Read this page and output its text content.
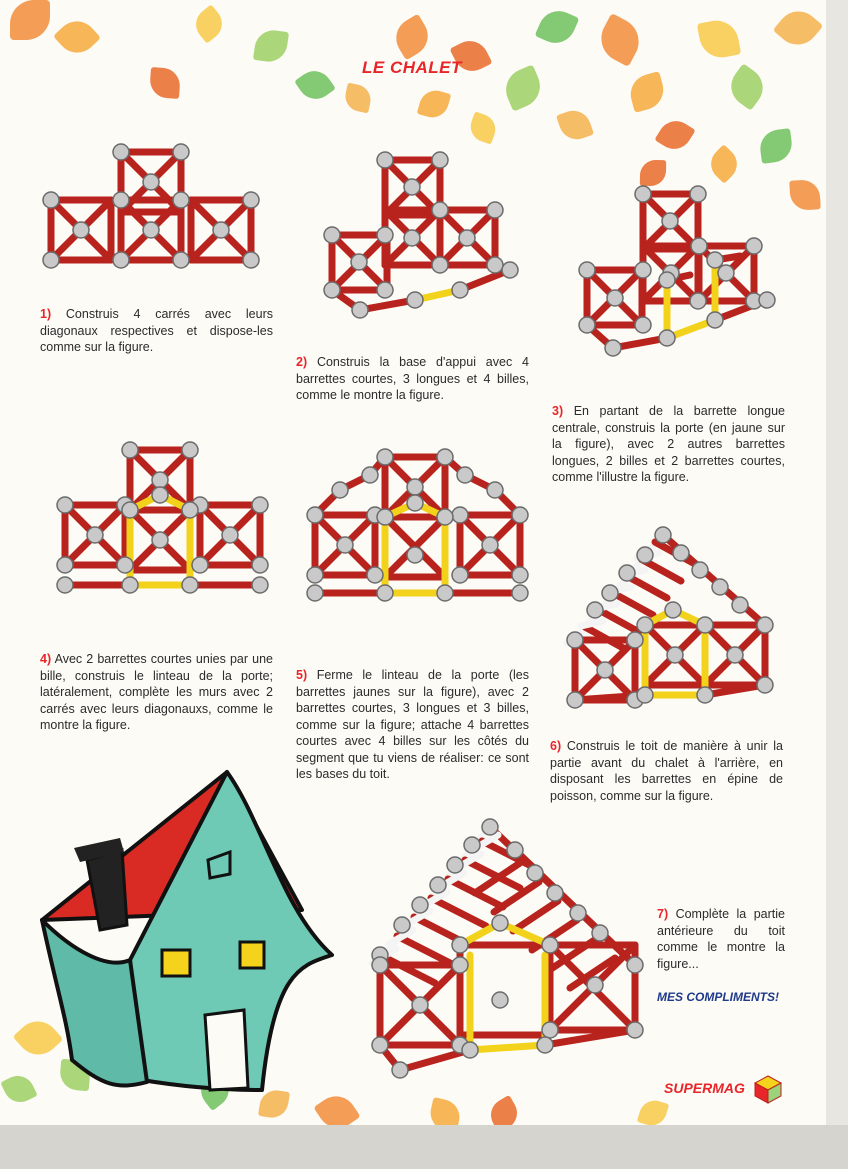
LE CHALET
1) Construis 4 carrés avec leurs diagonaux respectives et dispose-les comme sur la figure.
2) Construis la base d'appui avec 4 barrettes courtes, 3 longues et 4 billes, comme le montre la figure.
3) En partant de la barrette longue centrale, construis la porte (en jaune sur la figure), avec 2 autres barrettes longues, 2 billes et 2 barrettes courtes, comme l'illustre la figure.
4) Avec 2 barrettes courtes unies par une bille, construis le linteau de la porte; latéralement, complète les murs avec 2 carrés avec leurs diagonauxs, comme le montre la figure.
5) Ferme le linteau de la porte (les barrettes jaunes sur la figure), avec 2 barrettes courtes, 3 longues et 3 billes, comme sur la figure; attache 4 barrettes courtes avec 4 billes sur les côtés du segment que tu viens de réaliser: ce sont les bases du toit.
6) Construis le toit de manière à unir la partie avant du chalet à l'arrière, en disposant les barrettes en épine de poisson, comme sur la figure.
7) Complète la partie antérieure du toit comme le montre la figure...
MES COMPLIMENTS!
SUPERMAG
